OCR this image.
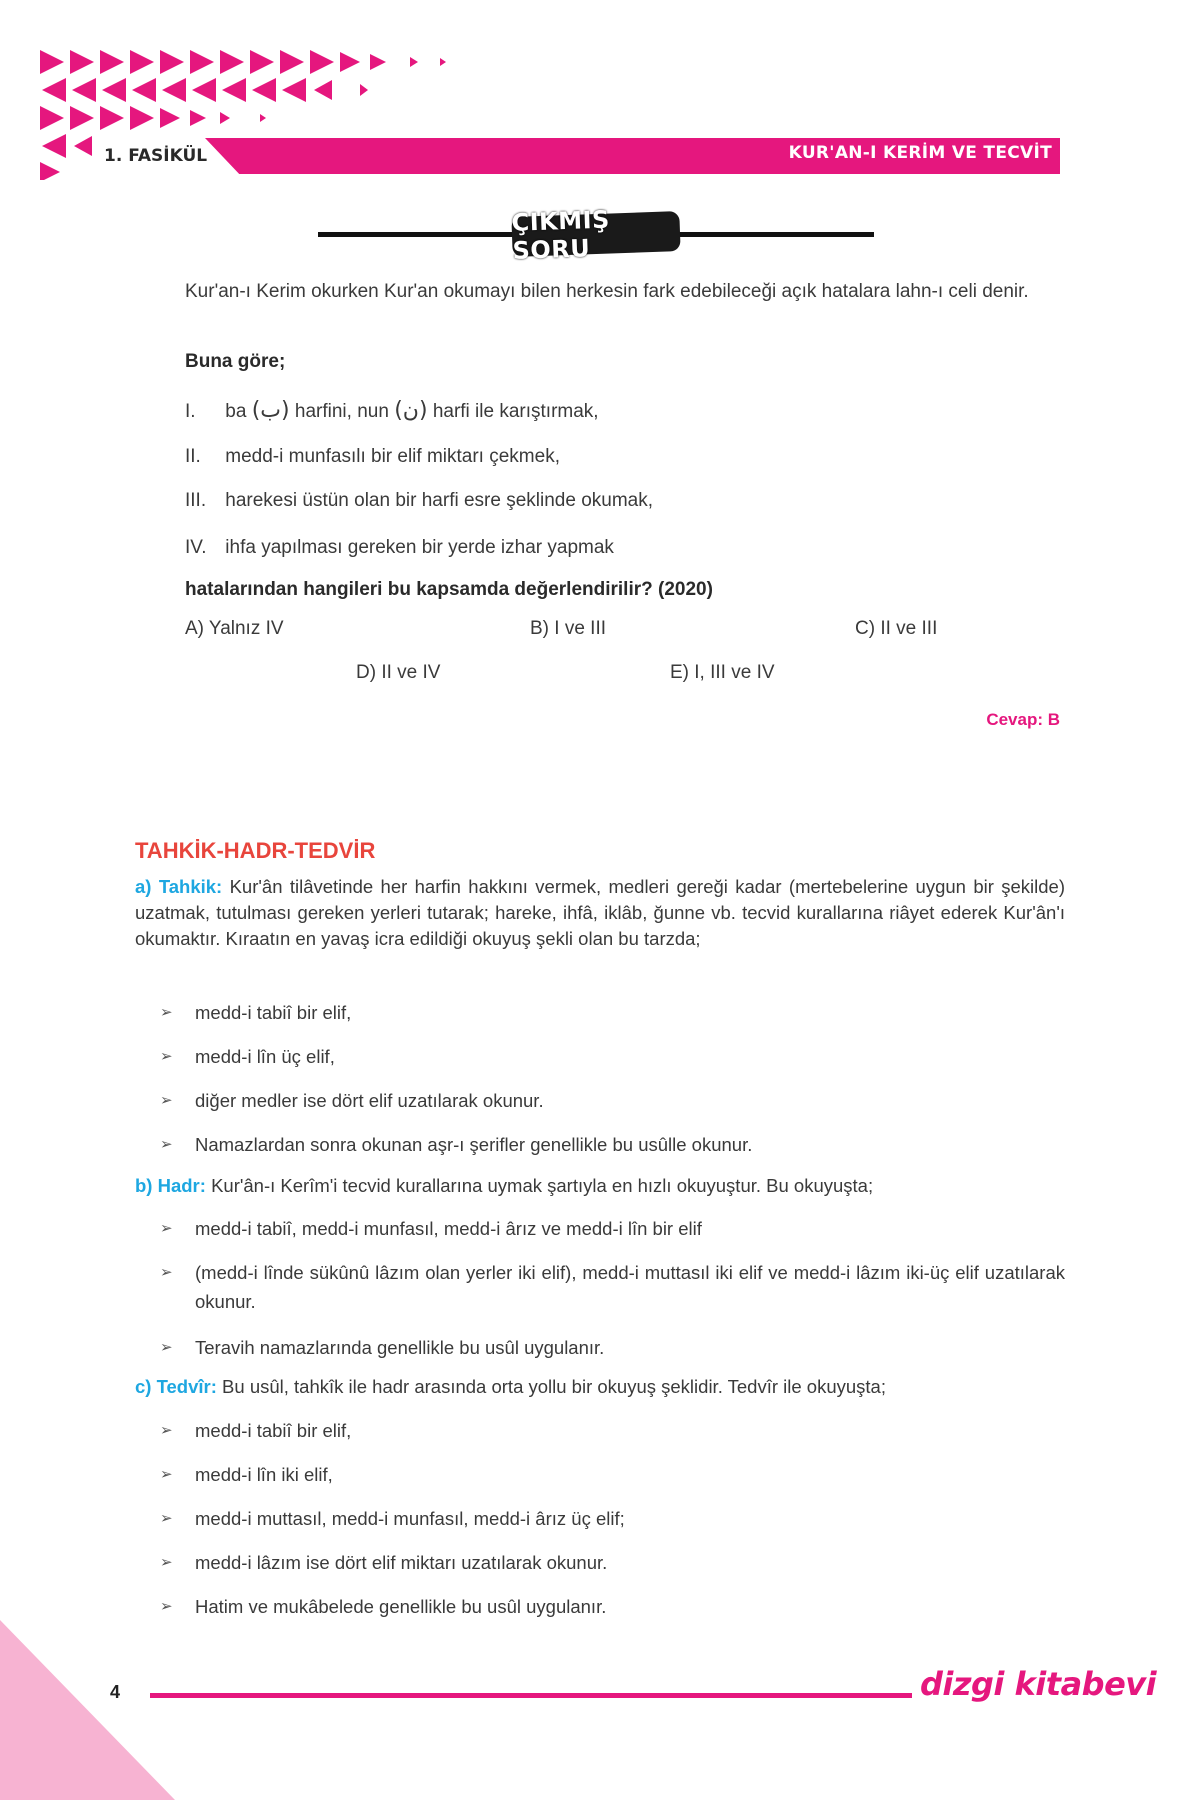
KUR'AN-I KERİM VE TECVİT
1. FASİKÜL
ÇIKMIŞ SORU
Kur'an-ı Kerim okurken Kur'an okumayı bilen herkesin fark edebileceği açık hatalara lahn-ı celi denir.
Buna göre;
I. ba (ب) harfini, nun (ن) harfi ile karıştırmak,
II. medd-i munfasılı bir elif miktarı çekmek,
III. harekesi üstün olan bir harfi esre şeklinde okumak,
IV. ihfa yapılması gereken bir yerde izhar yapmak
hatalarından hangileri bu kapsamda değerlendirilir? (2020)
A) Yalnız IV	B) I ve III	C) II ve III
D) II ve IV	E) I, III ve IV
Cevap: B
TAHKİK-HADR-TEDVİR
a) Tahkik: Kur'ân tilâvetinde her harfin hakkını vermek, medleri gereği kadar (mertebelerine uygun bir şekilde) uzatmak, tutulması gereken yerleri tutarak; hareke, ihfâ, iklâb, ğunne vb. tecvid kurallarına riâyet ederek Kur'ân'ı okumaktır. Kıraatın en yavaş icra edildiği okuyuş şekli olan bu tarzda;
➢ medd-i tabiî bir elif,
➢ medd-i lîn üç elif,
➢ diğer medler ise dört elif uzatılarak okunur.
➢ Namazlardan sonra okunan aşr-ı şerifler genellikle bu usûlle okunur.
b) Hadr: Kur'ân-ı Kerîm'i tecvid kurallarına uymak şartıyla en hızlı okuyuştur. Bu okuyuşta;
➢ medd-i tabiî, medd-i munfasıl, medd-i ârız ve medd-i lîn bir elif
➢ (medd-i lînde sükûnû lâzım olan yerler iki elif), medd-i muttasıl iki elif ve medd-i lâzım iki-üç elif uzatılarak okunur.
➢ Teravih namazlarında genellikle bu usûl uygulanır.
c) Tedvîr: Bu usûl, tahkîk ile hadr arasında orta yollu bir okuyuş şeklidir. Tedvîr ile okuyuşta;
➢ medd-i tabiî bir elif,
➢ medd-i lîn iki elif,
➢ medd-i muttasıl, medd-i munfasıl, medd-i ârız üç elif;
➢ medd-i lâzım ise dört elif miktarı uzatılarak okunur.
➢ Hatim ve mukâbelede genellikle bu usûl uygulanır.
4	dizgi kitabevi
